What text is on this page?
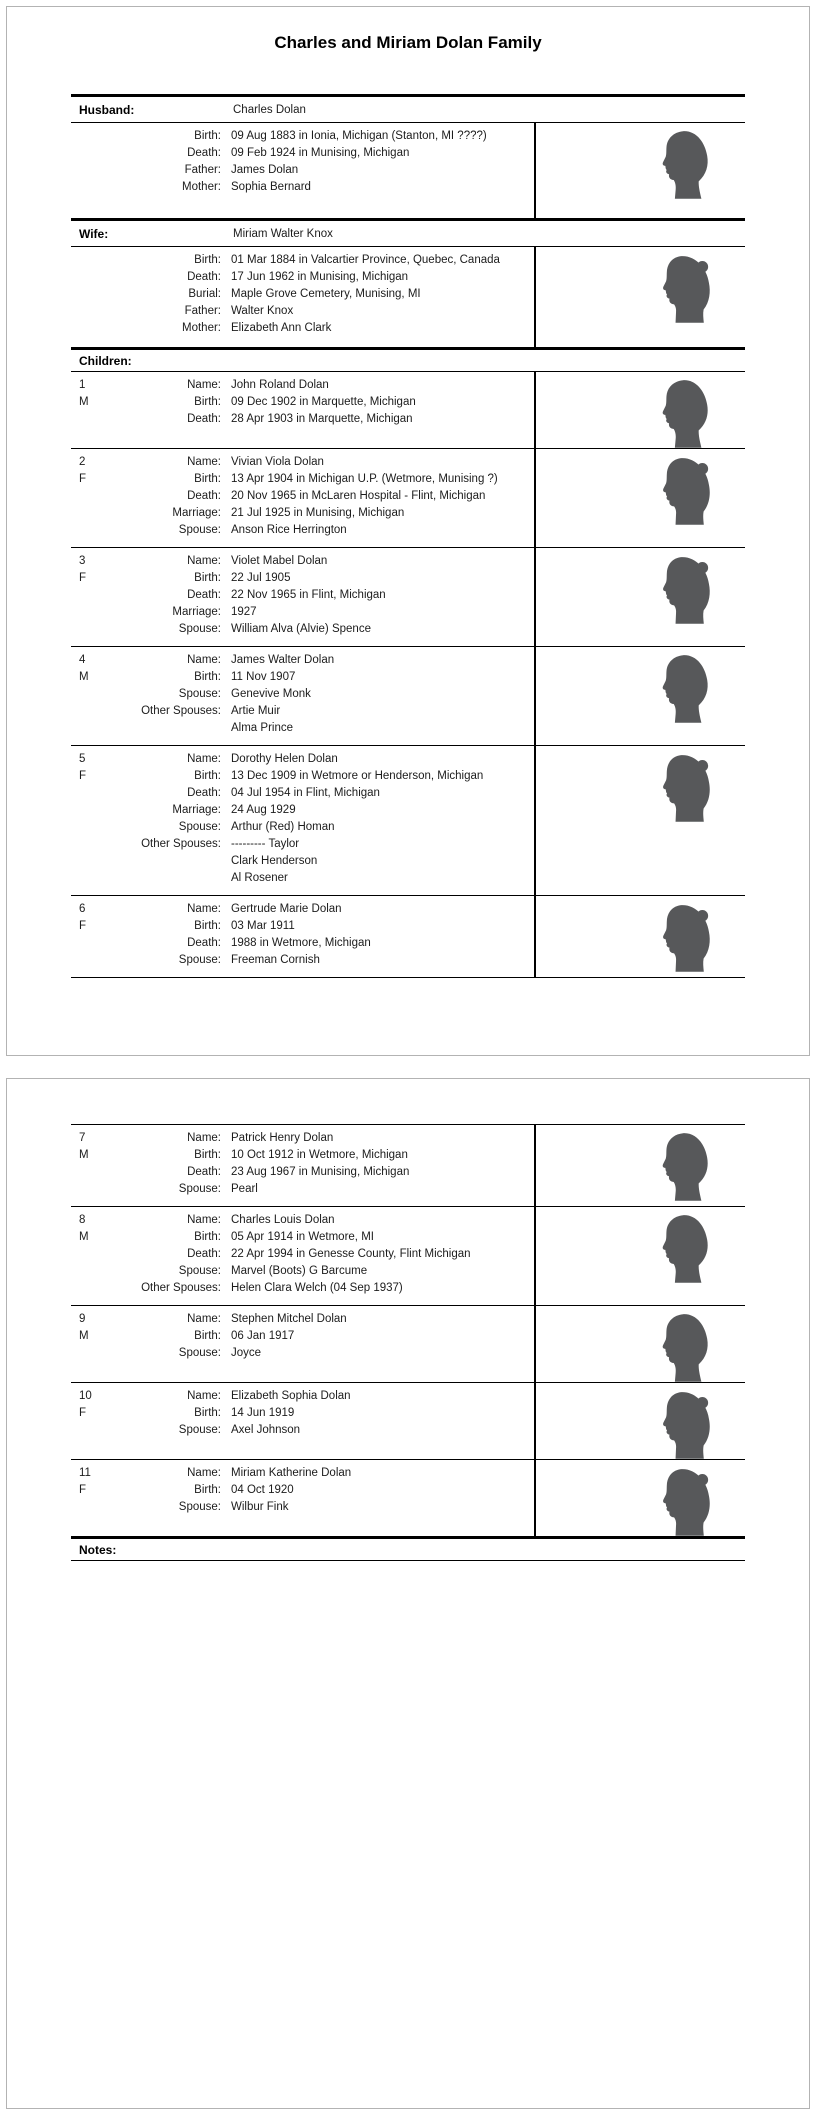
Charles and Miriam Dolan Family
Husband:	Charles Dolan
Birth: 09 Aug 1883 in Ionia, Michigan (Stanton, MI ????)
Death: 09 Feb 1924 in Munising, Michigan
Father: James Dolan
Mother: Sophia Bernard
Wife:	Miriam Walter Knox
Birth: 01 Mar 1884 in Valcartier Province, Quebec, Canada
Death: 17 Jun 1962 in Munising, Michigan
Burial: Maple Grove Cemetery, Munising, MI
Father: Walter Knox
Mother: Elizabeth Ann Clark
Children:
1
M
Name: John Roland Dolan
Birth: 09 Dec 1902 in Marquette, Michigan
Death: 28 Apr 1903 in Marquette, Michigan
2
F
Name: Vivian Viola Dolan
Birth: 13 Apr 1904 in Michigan U.P. (Wetmore, Munising ?)
Death: 20 Nov 1965 in McLaren Hospital - Flint, Michigan
Marriage: 21 Jul 1925 in Munising, Michigan
Spouse: Anson Rice Herrington
3
F
Name: Violet Mabel Dolan
Birth: 22 Jul 1905
Death: 22 Nov 1965 in Flint, Michigan
Marriage: 1927
Spouse: William Alva (Alvie) Spence
4
M
Name: James Walter Dolan
Birth: 11 Nov 1907
Spouse: Genevive Monk
Other Spouses: Artie Muir
Alma Prince
5
F
Name: Dorothy Helen Dolan
Birth: 13 Dec 1909 in Wetmore or Henderson, Michigan
Death: 04 Jul 1954 in Flint, Michigan
Marriage: 24 Aug 1929
Spouse: Arthur (Red) Homan
Other Spouses: --------- Taylor
Clark Henderson
Al Rosener
6
F
Name: Gertrude Marie Dolan
Birth: 03 Mar 1911
Death: 1988 in Wetmore, Michigan
Spouse: Freeman Cornish
7
M
Name: Patrick Henry Dolan
Birth: 10 Oct 1912 in Wetmore, Michigan
Death: 23 Aug 1967 in Munising, Michigan
Spouse: Pearl
8
M
Name: Charles Louis Dolan
Birth: 05 Apr 1914 in Wetmore, MI
Death: 22 Apr 1994 in Genesse County, Flint Michigan
Spouse: Marvel (Boots) G Barcume
Other Spouses: Helen Clara Welch (04 Sep 1937)
9
M
Name: Stephen Mitchel Dolan
Birth: 06 Jan 1917
Spouse: Joyce
10
F
Name: Elizabeth Sophia Dolan
Birth: 14 Jun 1919
Spouse: Axel Johnson
11
F
Name: Miriam Katherine Dolan
Birth: 04 Oct 1920
Spouse: Wilbur Fink
Notes:
